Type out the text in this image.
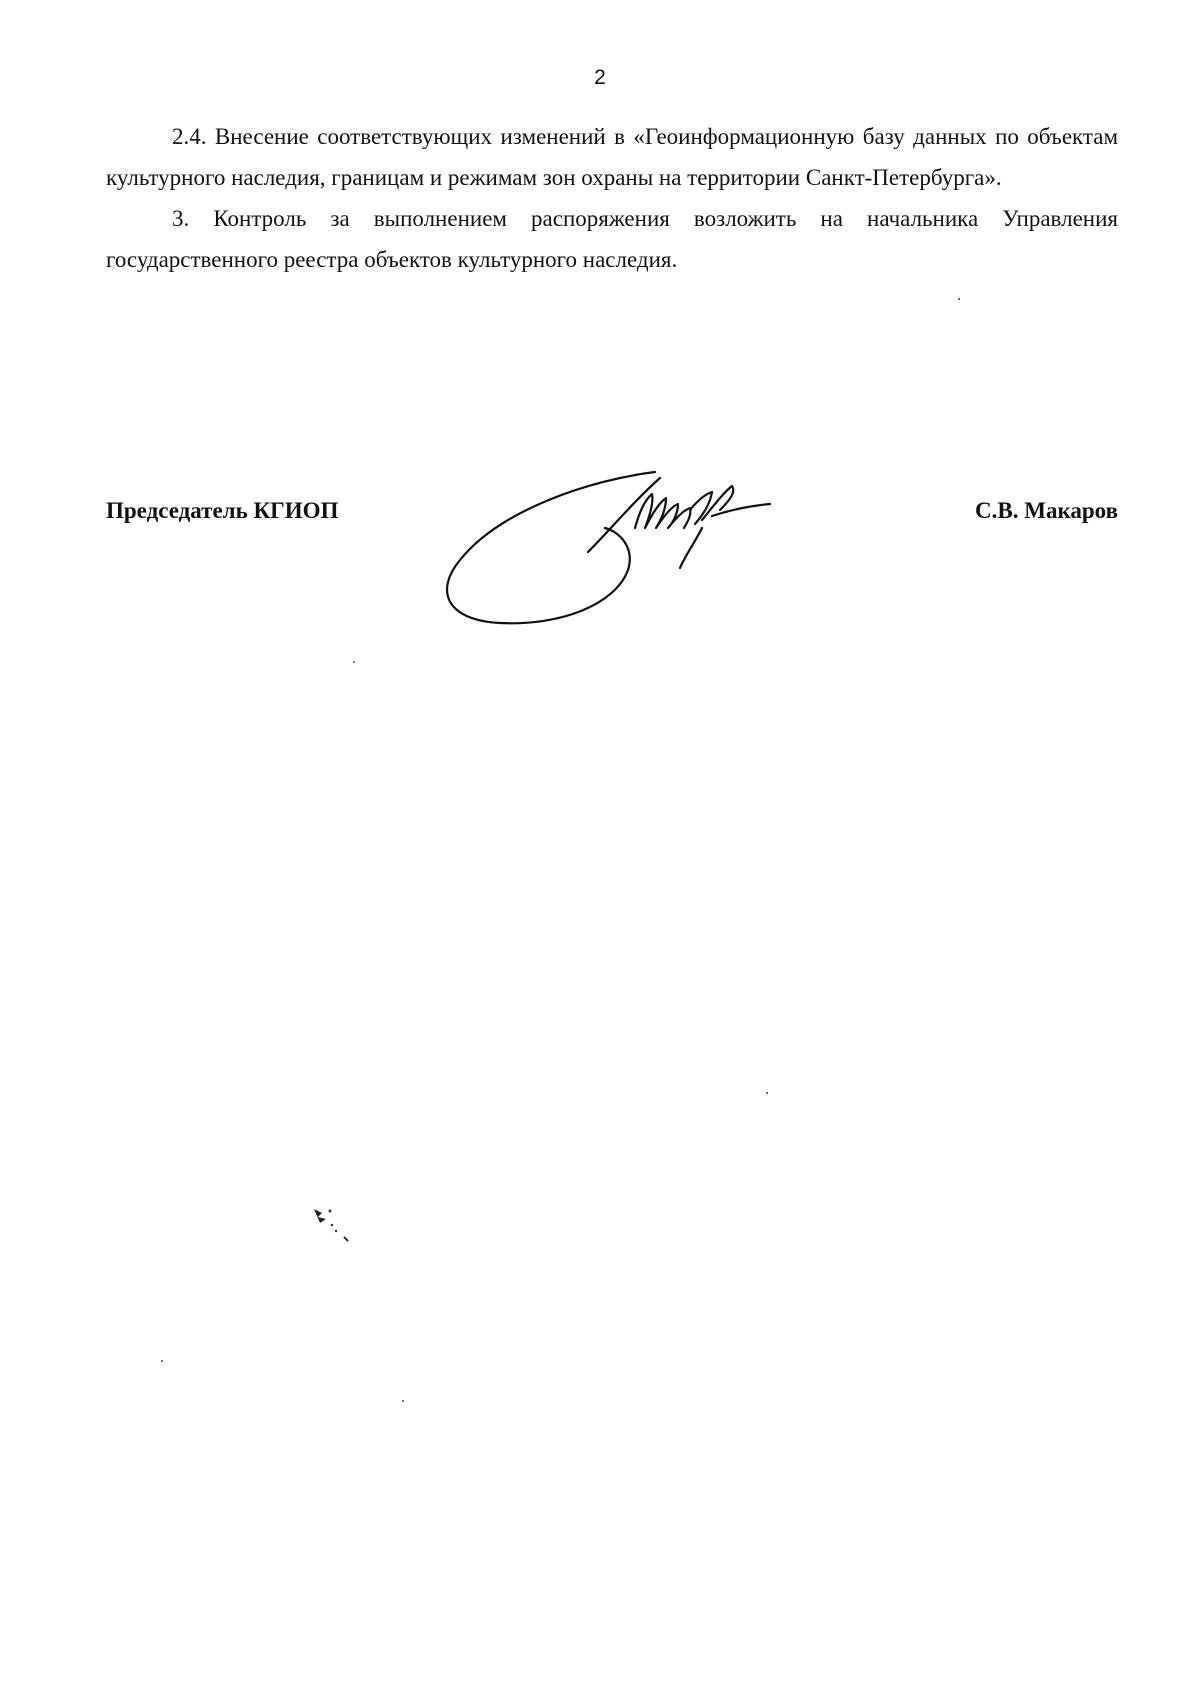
2

2.4. Внесение соответствующих изменений в «Геоинформационную базу данных по объектам культурного наследия, границам и режимам зон охраны на территории Санкт-Петербурга».

3. Контроль за выполнением распоряжения возложить на начальника Управления государственного реестра объектов культурного наследия.

Председатель КГИОП	С.В. Макаров
